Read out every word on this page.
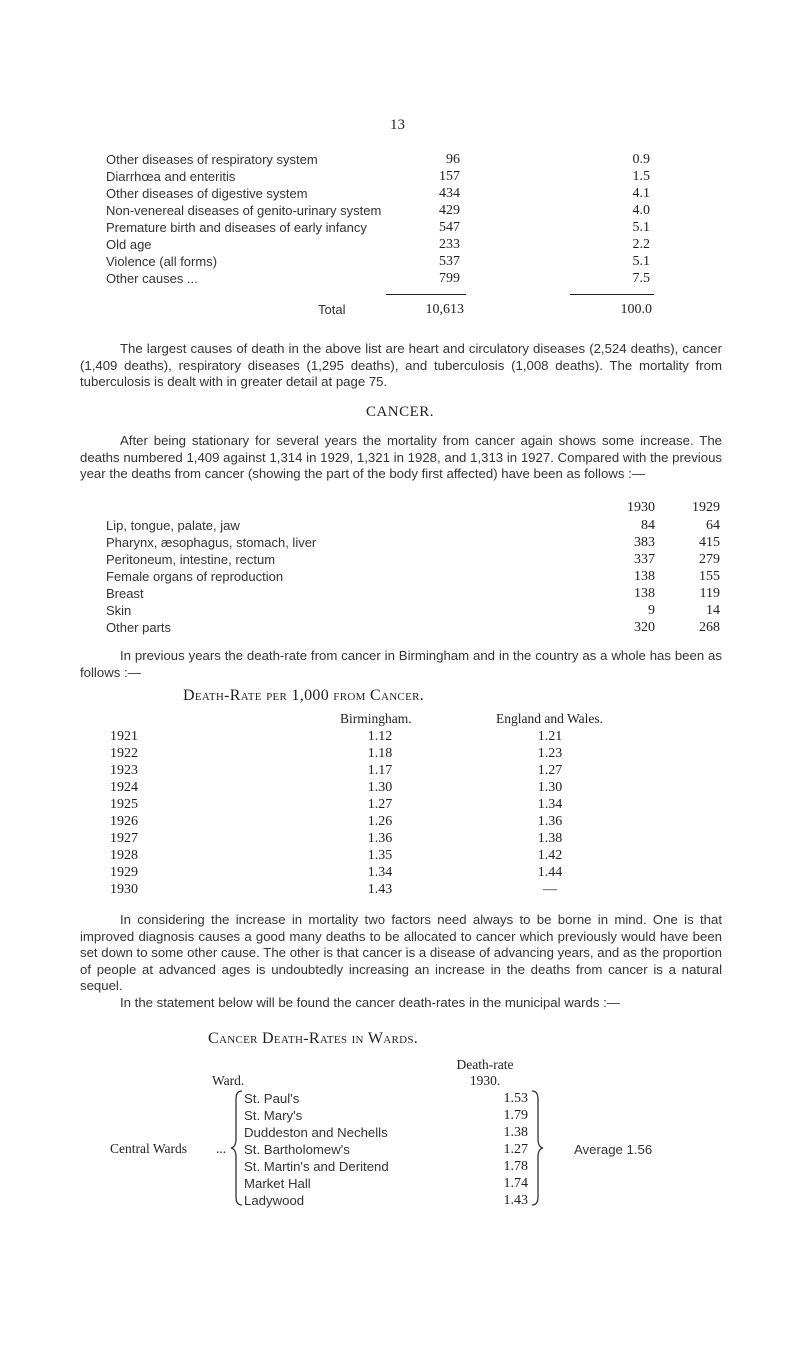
13
Other diseases of respiratory system	96	0.9
Diarrhœa and enteritis	157	1.5
Other diseases of digestive system	434	4.1
Non-venereal diseases of genito-urinary system	429	4.0
Premature birth and diseases of early infancy	547	5.1
Old age	233	2.2
Violence (all forms)	537	5.1
Other causes ...	799	7.5
Total	10,613	100.0
The largest causes of death in the above list are heart and circulatory diseases (2,524 deaths), cancer (1,409 deaths), respiratory diseases (1,295 deaths), and tuberculosis (1,008 deaths). The mortality from tuberculosis is dealt with in greater detail at page 75.
CANCER.
After being stationary for several years the mortality from cancer again shows some increase. The deaths numbered 1,409 against 1,314 in 1929, 1,321 in 1928, and 1,313 in 1927. Compared with the previous year the deaths from cancer (showing the part of the body first affected) have been as follows :—
1930	1929
Lip, tongue, palate, jaw	84	64
Pharynx, æsophagus, stomach, liver	383	415
Peritoneum, intestine, rectum	337	279
Female organs of reproduction	138	155
Breast	138	119
Skin	9	14
Other parts	320	268
In previous years the death-rate from cancer in Birmingham and in the country as a whole has been as follows :—
Death-Rate per 1,000 from Cancer.
Birmingham.	England and Wales.
1921	1.12	1.21
1922	1.18	1.23
1923	1.17	1.27
1924	1.30	1.30
1925	1.27	1.34
1926	1.26	1.36
1927	1.36	1.38
1928	1.35	1.42
1929	1.34	1.44
1930	1.43	—
In considering the increase in mortality two factors need always to be borne in mind. One is that improved diagnosis causes a good many deaths to be allocated to cancer which previously would have been set down to some other cause. The other is that cancer is a disease of advancing years, and as the proportion of people at advanced ages is undoubtedly increasing an increase in the deaths from cancer is a natural sequel.
In the statement below will be found the cancer death-rates in the municipal wards :—
Cancer Death-Rates in Wards.
Death-rate
Ward.	1930.
Central Wards ...
St. Paul's	1.53
St. Mary's	1.79
Duddeston and Nechells	1.38
St. Bartholomew's	1.27
St. Martin's and Deritend	1.78
Market Hall	1.74
Ladywood	1.43
Average 1.56
